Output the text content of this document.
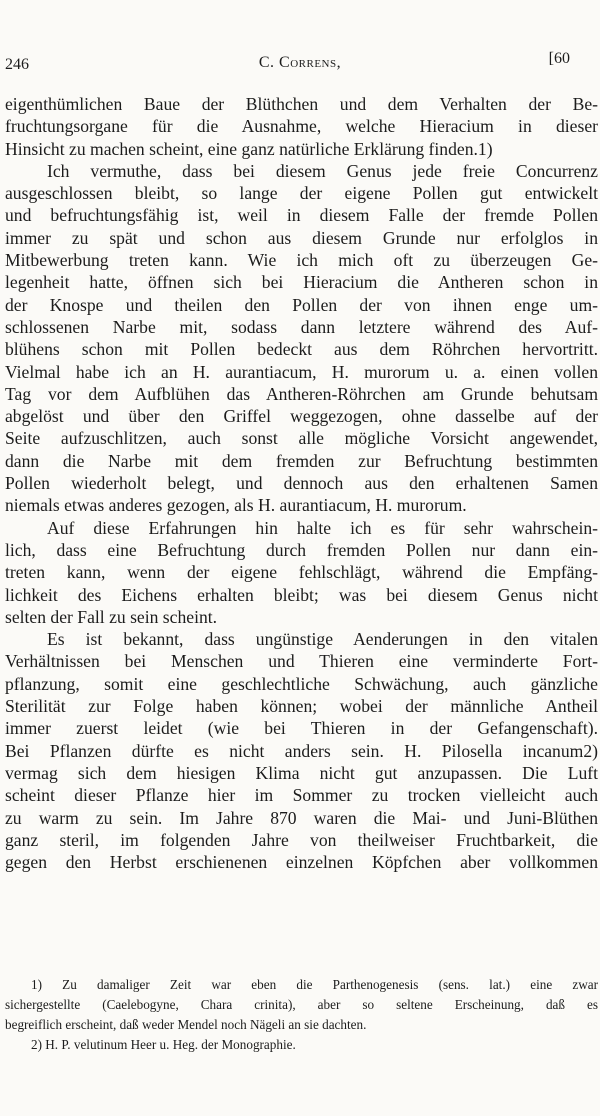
246	C. Correns,	[60
eigenthümlichen Baue der Blüthchen und dem Verhalten der Be-
fruchtungsorgane für die Ausnahme, welche Hieracium in dieser
Hinsicht zu machen scheint, eine ganz natürliche Erklärung finden.1)
Ich vermuthe, dass bei diesem Genus jede freie Concurrenz
ausgeschlossen bleibt, so lange der eigene Pollen gut entwickelt
und befruchtungsfähig ist, weil in diesem Falle der fremde Pollen
immer zu spät und schon aus diesem Grunde nur erfolglos in
Mitbewerbung treten kann. Wie ich mich oft zu überzeugen Ge-
legenheit hatte, öffnen sich bei Hieracium die Antheren schon in
der Knospe und theilen den Pollen der von ihnen enge um-
schlossenen Narbe mit, sodass dann letztere während des Auf-
blühens schon mit Pollen bedeckt aus dem Röhrchen hervortritt.
Vielmal habe ich an H. aurantiacum, H. murorum u. a. einen vollen
Tag vor dem Aufblühen das Antheren-Röhrchen am Grunde behutsam
abgelöst und über den Griffel weggezogen, ohne dasselbe auf der
Seite aufzuschlitzen, auch sonst alle mögliche Vorsicht angewendet,
dann die Narbe mit dem fremden zur Befruchtung bestimmten
Pollen wiederholt belegt, und dennoch aus den erhaltenen Samen
niemals etwas anderes gezogen, als H. aurantiacum, H. murorum.
Auf diese Erfahrungen hin halte ich es für sehr wahrschein-
lich, dass eine Befruchtung durch fremden Pollen nur dann ein-
treten kann, wenn der eigene fehlschlägt, während die Empfäng-
lichkeit des Eichens erhalten bleibt; was bei diesem Genus nicht
selten der Fall zu sein scheint.
Es ist bekannt, dass ungünstige Aenderungen in den vitalen
Verhältnissen bei Menschen und Thieren eine verminderte Fort-
pflanzung, somit eine geschlechtliche Schwächung, auch gänzliche
Sterilität zur Folge haben können; wobei der männliche Antheil
immer zuerst leidet (wie bei Thieren in der Gefangenschaft).
Bei Pflanzen dürfte es nicht anders sein. H. Pilosella incanum2)
vermag sich dem hiesigen Klima nicht gut anzupassen. Die Luft
scheint dieser Pflanze hier im Sommer zu trocken vielleicht auch
zu warm zu sein. Im Jahre 870 waren die Mai- und Juni-Blüthen
ganz steril, im folgenden Jahre von theilweiser Fruchtbarkeit, die
gegen den Herbst erschienenen einzelnen Köpfchen aber vollkommen
1) Zu damaliger Zeit war eben die Parthenogenesis (sens. lat.) eine zwar
sichergestellte (Caelebogyne, Chara crinita), aber so seltene Erscheinung, daß es
begreiflich erscheint, daß weder Mendel noch Nägeli an sie dachten.
2) H. P. velutinum Heer u. Heg. der Monographie.
